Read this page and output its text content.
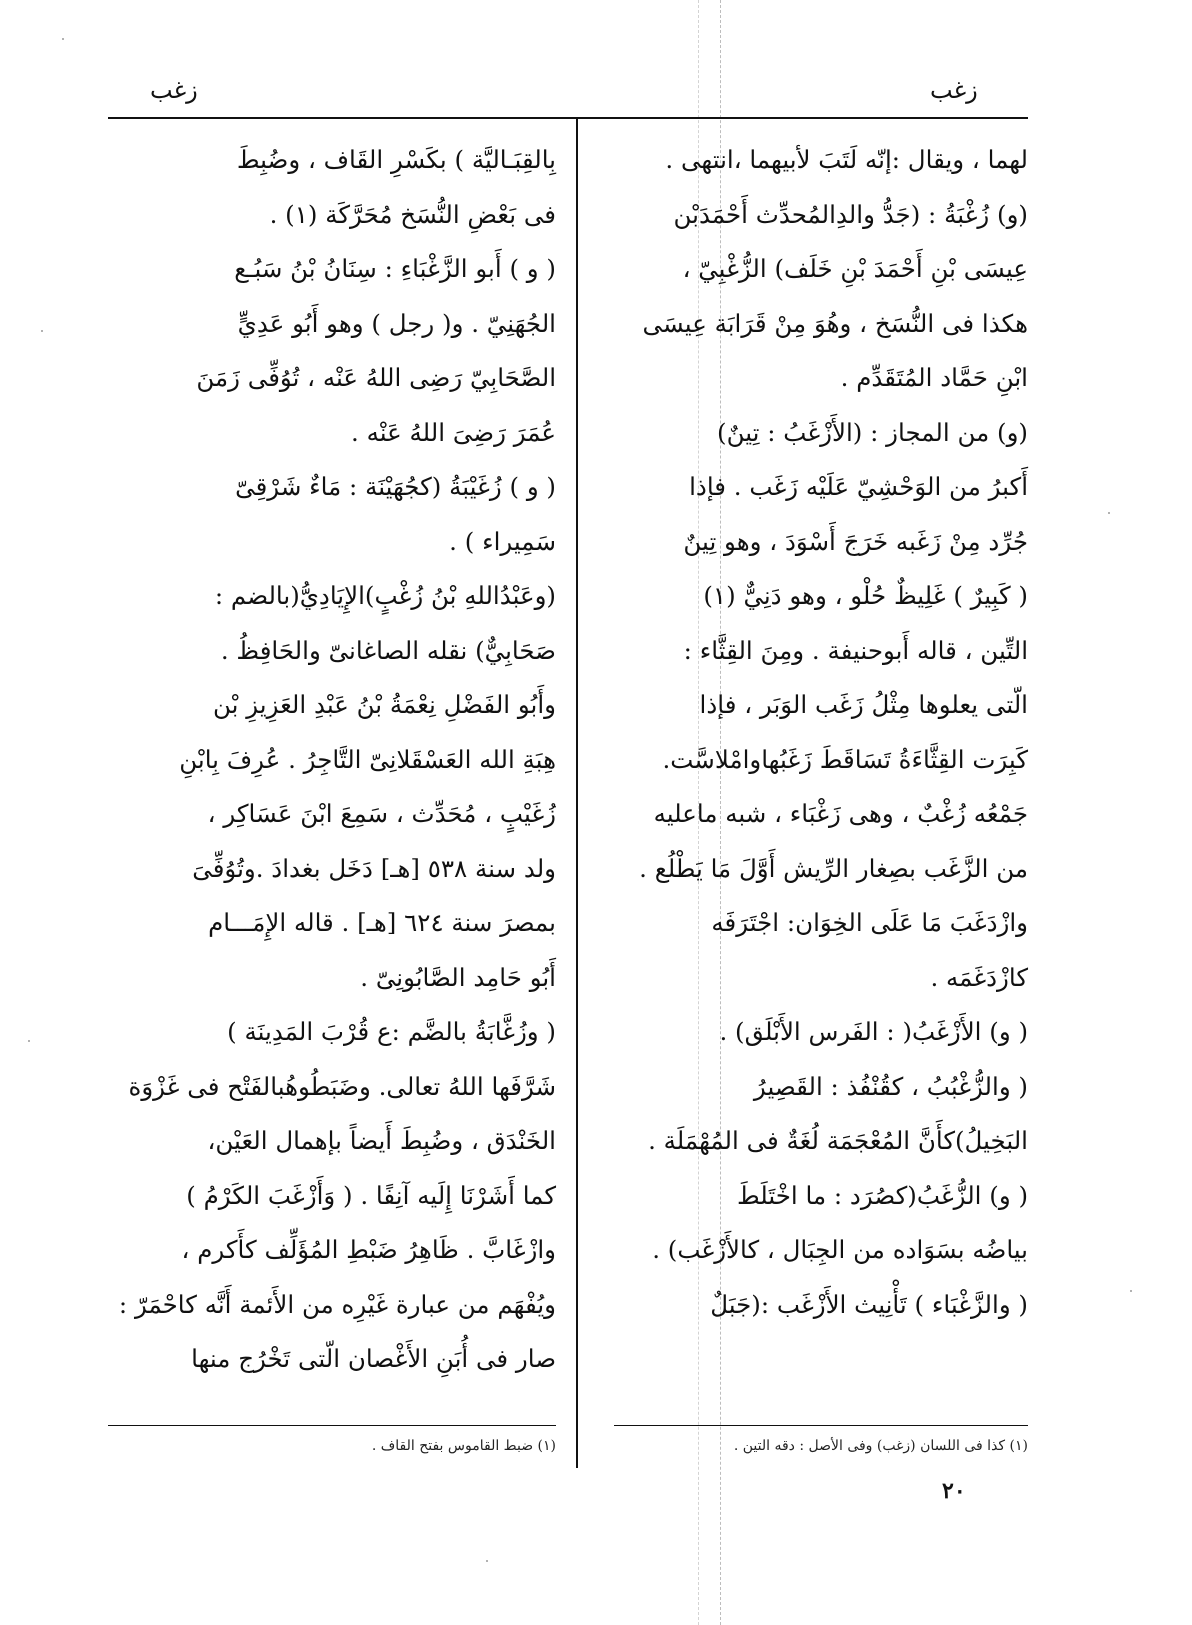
زغب
زغب

لهما ، ويقال :إنّه لَتَبَ لأبيهما ،انتهى .

(و) زُغْبَةُ : (جَدُّ والدِالمُحدِّث أَحْمَدَبْن

عِيسَى بْنِ أَحْمَدَ بْنِ خَلَف) الزُّغْبِيّ ،

هكذا فى النُّسَخ ، وهُوَ مِنْ قَرَابَة عِيسَى

ابْنِ حَمَّاد المُتَقَدِّم .

(و) من المجاز : (الأَزْغَبُ : تِينٌ)

أَكبرُ من الوَحْشِيّ عَلَيْه زَغَب . فإذا

جُرِّد مِنْ زَغَبه خَرَجَ أَسْوَدَ ، وهو تِينٌ

( كَبِيرٌ ) غَلِيظٌ حُلْو ، وهو دَنِيٌّ (١)

التِّين ، قاله أَبوحنيفة . ومِنَ القِثَّاء :

الّتى يعلوها مِثْلُ زَغَب الوَبَر ، فإذا

كَبِرَت القِثَّاءَةُ تَسَاقَطَ زَغَبُهاوامْلاسَّت.

جَمْعُه زُغْبٌ ، وهى زَغْبَاء ، شبه ماعليه

من الزَّغَب بصِغار الرِّيش أَوَّلَ مَا يَطْلُع .

وازْدَغَبَ مَا عَلَى الخِوَان: اجْتَرَفَه

كازْدَغَمَه .

( و) الأَزْغَبُ( : الفَرس الأَبْلَق) .

( والزُّغْبُبُ ، كقُنْفُذ : القَصِيرُ

البَخِيلُ)كأَنَّ المُعْجَمَة لُغَةٌ فى المُهْمَلَة .

( و) الزُّغَبُ(كصُرَد : ما اخْتَلَطَ

بياضُه بسَوَاده من الجِبَال ، كالأَزْغَب) .

( والزَّغْبَاء ) تَأْنِيث الأَزْغَب :(جَبَلٌ

بِالقِبَـاليَّة ) بكَسْرِ القَاف ، وضُبِطَ

فى بَعْضِ النُّسَخ مُحَرَّكَة (١) .

( و ) أَبو الزَّغْبَاءِ : سِنَانُ بْنُ سَبُـع

الجُهَنِيّ . و( رجل ) وهو أَبُو عَدِيٍّ

الصَّحَابِيّ رَضِى اللهُ عَنْه ، تُوُفِّى زَمَنَ

عُمَرَ رَضِىَ اللهُ عَنْه .

( و ) زُغَيْبَةُ (كجُهَيْنَة : مَاءٌ شَرْقِىّ

سَمِيراء ) .

(وعَبْدُاللهِ بْنُ زُغْبٍ)الإِيَادِيُّ(بالضم :

صَحَابِيٌّ) نقله الصاغانىّ والحَافِظُ .

وأَبُو الفَضْلِ نِعْمَةُ بْنُ عَبْدِ العَزِيزِ بْن

هِبَةِ الله العَسْقَلانِىّ التَّاجِرُ . عُرِفَ بِابْنِ

زُغَيْبٍ ، مُحَدِّث ، سَمِعَ ابْنَ عَسَاكِر ،

ولد سنة ٥٣٨ [هـ] دَخَل بغدادَ .وتُوُفِّىَ

بمصرَ سنة ٦٢٤ [هـ] . قاله الإِمَـــام

أَبُو حَامِد الصَّابُونِىّ .

( وزُغَّابَةُ بالضَّم :ع قُرْبَ المَدِينَة )

شَرَّفَها اللهُ تعالى. وضَبَطُوهُبالفَتْح فى غَزْوَة

الخَنْدَق ، وضُبِطَ أَيضاً بإهمال العَيْن،

كما أَشَرْنَا إِلَيه آنِفًا . ( وَأَزْغَبَ الكَرْمُ )

وازْغَابَّ . ظَاهِرُ ضَبْطِ المُؤَلِّف كأَكرم ،

ويُفْهَم من عبارة غَيْرِه من الأَئمة أَنَّه كاحْمَرّ :

صار فى أُبَنِ الأَغْصان الّتى تَخْرُج منها

(١) كذا فى اللسان (زغب) وفى الأصل : دقه التين .
(١) ضبط القاموس بفتح القاف .
٢٠
